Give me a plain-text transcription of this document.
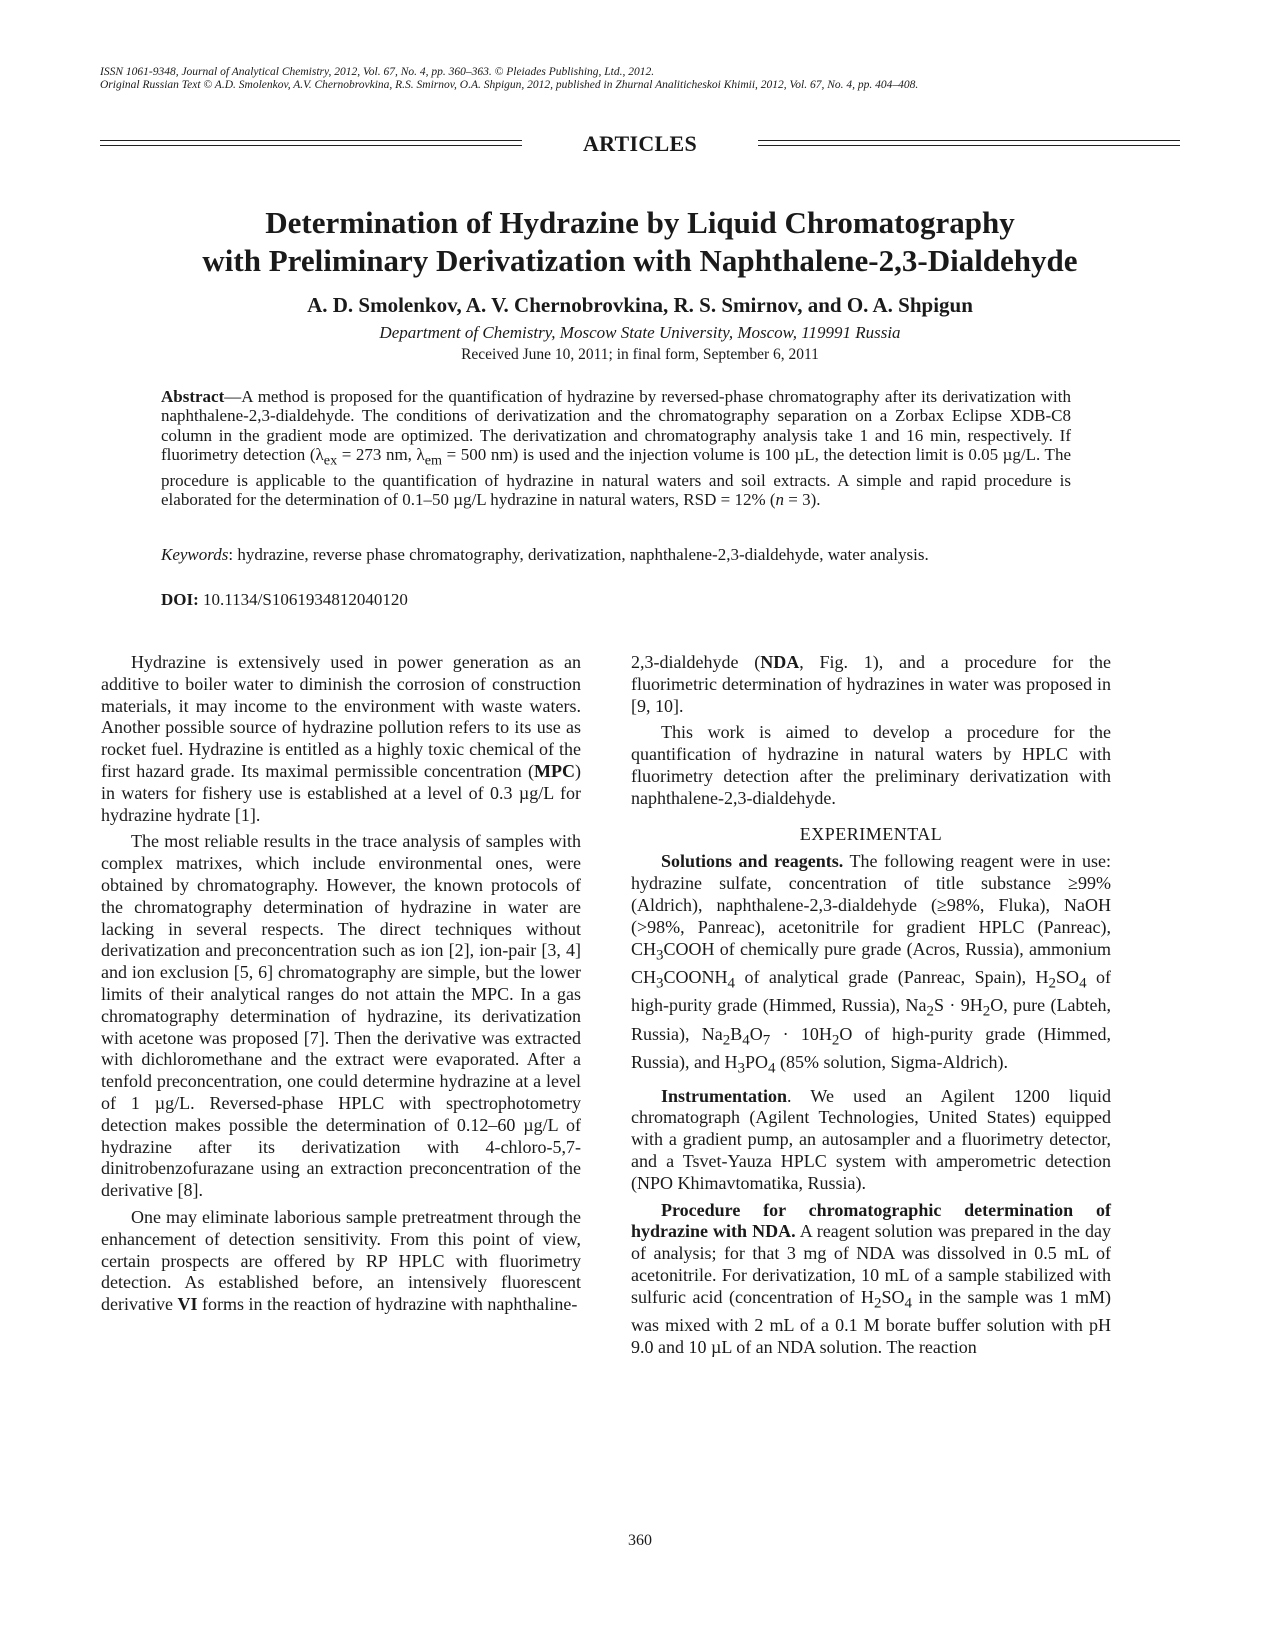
ISSN 1061-9348, Journal of Analytical Chemistry, 2012, Vol. 67, No. 4, pp. 360–363. © Pleiades Publishing, Ltd., 2012.
Original Russian Text © A.D. Smolenkov, A.V. Chernobrovkina, R.S. Smirnov, O.A. Shpigun, 2012, published in Zhurnal Analiticheskoi Khimii, 2012, Vol. 67, No. 4, pp. 404–408.
ARTICLES
Determination of Hydrazine by Liquid Chromatography
with Preliminary Derivatization with Naphthalene-2,3-Dialdehyde
A. D. Smolenkov, A. V. Chernobrovkina, R. S. Smirnov, and O. A. Shpigun
Department of Chemistry, Moscow State University, Moscow, 119991 Russia
Received June 10, 2011; in final form, September 6, 2011

Abstract—A method is proposed for the quantification of hydrazine by reversed-phase chromatography after its derivatization with naphthalene-2,3-dialdehyde. The conditions of derivatization and the chromatography separation on a Zorbax Eclipse XDB-C8 column in the gradient mode are optimized. The derivatization and chromatography analysis take 1 and 16 min, respectively. If fluorimetry detection ($\lambda_{ex} = 273$ nm, $\lambda_{em} = 500$ nm) is used and the injection volume is 100 µL, the detection limit is 0.05 µg/L. The procedure is applicable to the quantification of hydrazine in natural waters and soil extracts. A simple and rapid procedure is elaborated for the determination of 0.1–50 µg/L hydrazine in natural waters, RSD = 12% (n = 3).

Keywords: hydrazine, reverse phase chromatography, derivatization, naphthalene-2,3-dialdehyde, water analysis.

DOI: 10.1134/S1061934812040120

Hydrazine is extensively used in power generation as an additive to boiler water to diminish the corrosion of construction materials, it may income to the environment with waste waters. Another possible source of hydrazine pollution refers to its use as rocket fuel. Hydrazine is entitled as a highly toxic chemical of the first hazard grade. Its maximal permissible concentration (MPC) in waters for fishery use is established at a level of 0.3 µg/L for hydrazine hydrate [1].

The most reliable results in the trace analysis of samples with complex matrixes, which include environmental ones, were obtained by chromatography. However, the known protocols of the chromatography determination of hydrazine in water are lacking in several respects. The direct techniques without derivatization and preconcentration such as ion [2], ion-pair [3, 4] and ion exclusion [5, 6] chromatography are simple, but the lower limits of their analytical ranges do not attain the MPC. In a gas chromatography determination of hydrazine, its derivatization with acetone was proposed [7]. Then the derivative was extracted with dichloromethane and the extract were evaporated. After a tenfold preconcentration, one could determine hydrazine at a level of 1 µg/L. Reversed-phase HPLC with spectrophotometry detection makes possible the determination of 0.12–60 µg/L of hydrazine after its derivatization with 4-chloro-5,7-dinitrobenzofurazane using an extraction preconcentration of the derivative [8].

One may eliminate laborious sample pretreatment through the enhancement of detection sensitivity. From this point of view, certain prospects are offered by RP HPLC with fluorimetry detection. As established before, an intensively fluorescent derivative VI forms in the reaction of hydrazine with naphthaline-

2,3-dialdehyde (NDA, Fig. 1), and a procedure for the fluorimetric determination of hydrazines in water was proposed in [9, 10].

This work is aimed to develop a procedure for the quantification of hydrazine in natural waters by HPLC with fluorimetry detection after the preliminary derivatization with naphthalene-2,3-dialdehyde.

EXPERIMENTAL

Solutions and reagents. The following reagent were in use: hydrazine sulfate, concentration of title substance ≥99% (Aldrich), naphthalene-2,3-dialdehyde (≥98%, Fluka), NaOH (>98%, Panreac), acetonitrile for gradient HPLC (Panreac), $CH_3COOH$ of chemically pure grade (Acros, Russia), ammonium $CH_3COONH_4$ of analytical grade (Panreac, Spain), $H_2SO_4$ of high-purity grade (Himmed, Russia), $Na_2S \cdot 9H_2O$, pure (Labteh, Russia), $Na_2B_4O_7 \cdot 10H_2O$ of high-purity grade (Himmed, Russia), and $H_3PO_4$ (85% solution, Sigma-Aldrich).

Instrumentation. We used an Agilent 1200 liquid chromatograph (Agilent Technologies, United States) equipped with a gradient pump, an autosampler and a fluorimetry detector, and a Tsvet-Yauza HPLC system with amperometric detection (NPO Khimavtomatika, Russia).

Procedure for chromatographic determination of hydrazine with NDA. A reagent solution was prepared in the day of analysis; for that 3 mg of NDA was dissolved in 0.5 mL of acetonitrile. For derivatization, 10 mL of a sample stabilized with sulfuric acid (concentration of $H_2SO_4$ in the sample was 1 mM) was mixed with 2 mL of a 0.1 M borate buffer solution with pH 9.0 and 10 µL of an NDA solution. The reaction

360
